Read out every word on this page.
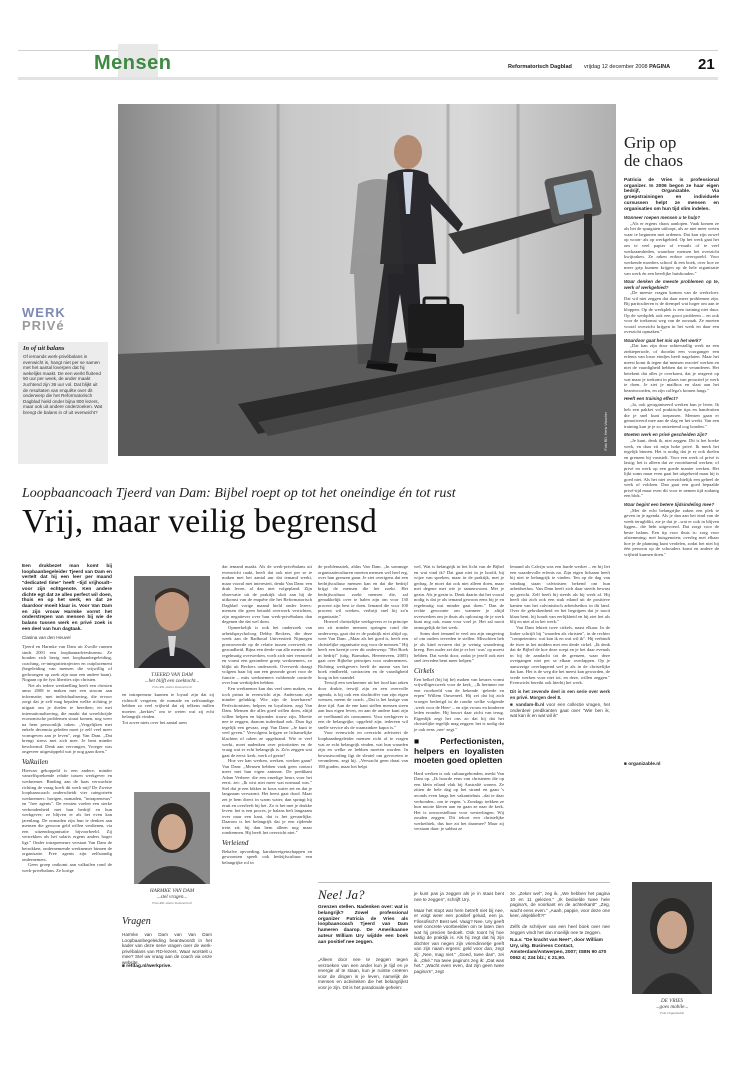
Mensen	Reformatorisch Dagblad vrijdag 12 december 2008 PAGINA 21
Foto RD, Henk Visscher
WERK
PRIVé
In of uit balans
Of iemands werk-privébalans in evenwicht is, hangt niet per se samen met het aantal loverpen dat hij wekelijks maakt. De een werkt fluitend 50 uur per week, de ander maakt zuchtend zijn 36 uur vol. Dat blijkt uit de resultaten van enquête over dit onderwerp die het Reformatorisch Dagblad hield onder bijna 800 lezers, maar ook uit andere onderzoeken. Wat brengt de balans in of uit evenwicht?
Loopbaancoach Tjeerd van Dam: Bijbel roept op tot het oneindige én tot rust
Vrij, maar veilig begrensd
Grip op de chaos
Patricia de Vries is professional organizer. In 2006 begon ze haar eigen bedrijf, Organizable. Via groepstrainingen en individuele cursussen helpt ze mensen en organisaties om hun tijd slim indelen.
Wanneer roepen mensen u te hulp?

„Als er ergens chaos aanlopen. Vaak komen ze als het de spuigaten uitloopt, als ze niet meer weten waar te beginnen met ordenen. Dat kan zijn zowel op woon- als op werkgebied. Op het werk gaat het om te veel papier of e-mails of te veel werkzaamheden, waardoor mensen het overzicht kwijtraken. Ze raken erdoor overspoeld. Voor werkende moeders schoof ik een boek, over hoe ze meer grip kunnen krijgen op de hele organisatie van werk én een heerlijke huishouden."

Waar denken de meeste problemen op te, werk of werkgebied?

„De meeste vragen komen van de werkvloer. Dat wil niet zeggen dat daar meer problemen zijn. Bij particulieren is de drempel wat hoger om aan te kloppen. Op de werkplek is een training niet duur. Op de werkplek ook een groot probleem – en ook voor de toekomst weg van de oorzaak. Ze moeten vooral overzicht krijgen in het werk en daar een overzicht opmaken."

Waardoor gaat het mis op het werk?

„Dat kan zijn door achterstallig werk na een ziekteperiode, of doordat een voorganger een erfenis van losse eindjes heeft nagelaten. Maar het meest komt ik tegen dat mensen reactief werken en niet de vaardigheid hebben dat te veranderen. Het betekent dat alles je overkomt, dat je reageert op wat maar je toekomt in plaats van proactief je werk te doen. Je ziet je mailbox en slaat aan het beantwoorden, en zijn collega's komen langs."

Heeft een training effect?

„Ja, ook georganiseerd werken kun je leren. Ik heb een pakket vol praktische tips en handvatten die je snel kunt toepassen. Mensen gaan er gemotiveerd mee aan de slag en het werkt. Van een training kun je je zo ontzettend oog houden."

Moeten werk en privé gescheiden zijn?

„Je kunt, denk ik, niet zeggen. Dit is het hoeke werk, en daar zit mijn hoke privé. Ik merk het tegelijk binnen. Het is nodig dat je er ook doelen en grenzen bij vaststelt. Voor een werk of privé is lastig; het is alleen dat ze voortdurend werken; of privé en werk op een goede manier werken. Het lijkt soms maar even gaat het uitgebreid maar hij is goed niet. Als het niet overzichtelijk een geheel de werk of voldoen. Dan gaat een goed bepaalde privé-tijd maar even dit voor te nemen tijd zodanig een blok."

Waar begint een betere tijdsindeling mee?

„Met de echt belangrijke zaken een plek te geven in je agenda. Als je dan aan het eind van de week terugblikt, zie je dat je –wat er ook in blijven liggen– die hebt uitgevoerd. Dat zorgt voor de beste balans. Een tip voor thuis is: zorg voor afstemming; met huisgenoten; overleg met elkaar hoe je de planning kunt verdelen, zodat het niet bij één persoon op de schouders komt en andere de vrijheid kunnen doen."

■ organizable.nl
DE VRIES
...goes mobile...
Foto Organizable
Een drukbezet man komt bij loopbaanbegeleider Tjeerd van Dam en vertelt dat hij een leer per maand "dedicated time" heeft –tijd vrijhoudt– voor zijn echtgenote. Ken andere dichte egt dat ze alles perfect wil doen, thuis en op het werk, en dat ze daardoor moeit klaar is. Voor Van Dam en zijn vrouw Harmke vormt het onderstrepen van mensen bij wie de balans tussen werk en privé zoek is een deel van hun dagtaak.
Clasina van den Heuvel

Tjeerd en Harmke van Dam uit Zwolle runnen sinds 2001 een loopbaanadviesbureau. Ze houden zich bezig met loopbaanbegeleiding, coaching, re-integratietrajecten en outplacement (begeleiding van mensen die vrijwillig of gedwongen op zoek zijn naar een andere baan). Nogaan op de fysi liberties zijn christen.

Net als iedere werknelling heeft een christen anno 2008 te maken met een stroom aan informatie; met individualisering, die ervoor zorgt dat je zelf mag bepalen welke richting je uitgaat om je doelen te bereiken; en met internationalisering, die maakt dat wereldwijde economische problemen straat komen, nog weer na hem persoonlijk raken. „Vergelijken met enkele decennia geleden moet je zelf veel meer vormgeven aan je leven", zegt Van Dam. „Dat brengt stress met zich mee. Je bent minder beschermd. Denk aan vervangen. Vroeger was ongeveer uitgestippeld wat je nog gaan doen."

Valkuilen

Hiervan gekoppeld is een andere, minder vanzelfsprekende relatie tussen werkgever en werknemer. Binding aan de baas verwachtte richting de vraag hoeft dit werk mij? De Zweise loopbaancoach onderscheidt vier categorieën werknemers: horigen, nomaden, "intrapreneurs" en "free agents". De eersten voelen een sterke verbondenheid met hun bedrijf en hun werkgever; ze blijven er als het even kan jarenlang. De nomaden zijn hun ie denken aan mensen die gewoon geld willen verdienen, via een uitzendorganisatie bijvoorbeeld. Zij vertrekken als het salaris ergens anders hoger ligt." Onder intrapreneurs verstaat Van Dam de betrokken, ondernemende werknemer binnen de organisatie. Free agents zijn zelfstandig ondernemers.

Geen groep ontkomt aan valkuilen rond de werk-privébalans. Ze horige

TJEERD VAN DAM
...het blijft een zoektocht...
Foto RD, Anton Dommerholt
en intrapreneur kunnen te loyaal zijn dat zij richtsoff vergeten; de nomade en zelfstandige hebben zo veel vrijheid dat zij telkens nullen moeten „kerkies" om te weten wat zij echt belangrijk vinden.
Tot zover niets over het aantal uren
HARMKE VAN DAM
...stel vragen...
Foto RD, Anton Dommerholt
Vragen
Harmke van Dam van Van Dam Loopbaanbegeleiding beantwoordt in het kader van deze serie vragen over de werk-privébalans van RD-lezers. Waar worstelt u mee? Stel uw vraag aan de coach via onze website.
■ refdag.nl/werkprive.

dat iemand maakt. Als de werk-privébalans uit evenwicht raakt, heeft dat ook niet per se te maken met het aantal uur dat iemand werkt, maar vooral met interesteit, denkt Van Dam: een druk leven, al dan niet volgepland. Zijn observatie uit de praktijk sluit aan bij de uitkomst van de enquête die het Reformatorisch Dagblad vorige maand hield onder lezers: mensen die geen betaald overwerk verrichten, zijn negatiever over hun werk-privébalans dan degenen die dat wel doen.

Opmerkelijk is ook het onderzoek van arbeidspsycholoog Debby Beckers, die deze week aan de Radboud Universiteit Nijmegen promoveerde op de relatie tussen overwerk en gezondheid. Bijna een derde van alle mensen die regelmatig overwerken, voelt zich niet vermoeid en vormt een gezondere groep werknemers, zo blijkt uit Beckers onderzoek. Overwerk draagt volgens haar bij aan een gezonde groei voor de functie – mits werknemers voldoende controle over hun werktijden hebben.

Een werknemer kan dus veel uren maken, en toch prima in evenwicht zijn. Andersom zijn minder gelukkig. Wie zijn de loserbaren? Perfectionisten, helpers en loyalisten, zegt Van Dam. Mensen die alles goed willen doen, altijd willen helpen en bijzonder trouw zijn. Moeite nee te zeggen, daarom inderdaad ook. Daar ligt tegelijk een gevaar, zegt Van Dam: „Je kunt te veel geven." Vervolgens krijgen ze lichamelijke klachten of raken ze opgebrand. Wie te veel werkt, moet nadenken over prioriteiten en de vraag wat er echt belangrijk is. Zo'n zeggen wat gaat de eerst: kerk, werk of gezin?

Hoe ver kan werken, werken, werken gaan? Van Dam: „Mensen hebben vaak geen contact meer met hun eigen antenne. De predikant Adam Verbree: die een enzelige beurs voor het eerst. zei: „Ik wist niet meer wat normaal was." Stel dat je een kikker in kous water zet en dat je langzaam verwarmt. Het beest gaat dood. Maar zet je hem direct in warm water, dan springt hij eruit en overleeft hij het. Zo is het met je drukke leven: het is een proces, je balans heft langzaam over naar een kant, dat is het gevaarlijke. Daarom is het belangrijk dat je een rijdende trein zit; hij dan hem alleen nog maar rondrennen. Hij heeft het overzicht niet."

Verleiend

Behalve opvoeding, karaktereigenschappen en gewoonten speelt ook bedrijfscultuur een belangrijke rol in

de problematiek, aldus Van Dam. „In sommige organisatieculturen moeten mensen wel heel erg, over hun grenzen gaan. Je ziet overigens dat een bedrijfscultuur mensen kan en dat die bedrijf krijgt de mensen die het zoekt. Het bedrijfscultuur zoekt mensen die, zal gemakkelijk over te halen zijn om voor 130 procent zijn best te doen. Iemand die voor 100 procent wil werken, verbrijt snel bij zo'n organisatie."

Hoewel christelijke werkgevers er in principe om zit minder mensen springen rond die onderwerp, gaat dat er de praktijk niet altijd op, weet Van Dam. „Maar als het goed is, heeft een christelijke organisatie oog voor de mensen." Hij heeft een keertje over dit onderwerp: "Het Boek in bedrijf" (uitg. Barnabas, Heerenveen, 2005) gaat over Bijbelse principes voor ondernemers. Richting werkgevers heeft de auteur van het boek eindbeeld, contracten en de vaardigheid hoog in het vaandel.

Terwijl een werknemer uit het lood kan raken door drukte, terwijl zijn en een overvolle agenda, is hij ook een slachtoffer van zijn eigen wensen, meent de coach. „Dat is het lastige van deze tijd. Aan de ene kant stellen mensen steen aan hun eigen leven, en aan de andere kant zijn ze voelbaand als consument. Voor werkgever is een de belangrijke, opgeleid zijn; iedereen wil snelle service als de waanzinkee kapot is."

Voor evenwicht en overzicht adviseert de loopbaanbegeleider mensen richt af te vragen wat ze echt belangrijk vinden, wat hun waarden zijn en welke ze hebben moeten worden. In bewustwording ligt de sleutel om gevoceten te veranderen, zegt hij. „Verwacht geen draai van 180 graden, maar het helpt

wel. Wat is belangrijk in het licht van de Bijbel en wat vind ik? Dat gaat niet in je hoofd, bij wijze van spreken, maar in de praktijk, met je gedrag. Je moet dat ook niet alleen doen, maar met degene met wie je samenwoont. Met je gezin. Als je gezin is. Denk daarin dat het vooral nodig is dat je als iemand gewoon eens bij je en regelmatig wat minder gaat doen." Dan de rechte gewoonte om wanneer je altijd overwerken om je thuis als oplossing de je werk kunt nog ook, maar voor voel je. Het zal nooit onmogelijk de het werk.

Soms doet iemand te veel om zijn omgeving of om ouders tevreden te stellen. Misschien heb je als kind ervaren dat je weinig waardering kreeg. Een ouder zei dat je er het ‘was’ op moest hebben. Dat werkt door, zodat je jezelf ook niet snel tevreden bent meer helpen."

Cirkels

Een belkel (bij hij be) maken van keuzes vormt vrijwilligerswerk voor de kerk_ „Ik herinner me een voorbeeld van de bekende ‘gelerde en erpen’ Willem Ouweneel. Hij zei dat hij zich vroeger bedreigd in de rondte welke volgende ‚werk voor de Heer‘ – en zijn vrouw en kinderen leden eronder. Hij bouwt daar zicht van terug. Eigenlijk zegt het ons zo dat hij dat het christelijke tegelijk mag zeggen: het is nodig dat je ook eens ‚nee‘ zegt."

■ Perfectionisten, helpers en loyalisten moeten goed opletten

Hard werken is ook cultuurgebonden, merkt Van Dam op. „Ik hoorde eens van christenen die op een klein eiland vlak bij Australië wonen. Ze zitten de hele dag op het strand en gaan 's avonds even langs het vakantiehuis –dat te daar verbonden– om te vegen. 's Zondags trekken ze hun mooie kleren aan en gaan ze naar de kerk. Het is onvoorstelbaar voor westerlingen. Wij zouden zeggen: Dit tekort een christelijke werkethiek, dus hoe zit het daarmee? Maar zij verstaan daar: je sabbat ze

lemand als Calvijn was een harde werker – en hij liet een waardevolle erfenis na. Zijn eigen lichaam heeft hij niet te belangrijk te vinden. Ten op de dag van vandaag staan calvinisten bekend om hun arbeidsethos. Van Dam heeft zich daar steeds bewust op gericht. Zelf heeft hij steeds als bij werk af. Hij heeft dat zich ook een stuk eiland uit de positieve kanten van het calvinistisch arbeidsethos in dit land. Over de gebrokenheid en het begrijpen dat je nooit klaar bent, hij houdt van eerlijkheid en hij ziet het als blij en niet al in het werk."

Van Dam lektert twee cirkels, naast elkaar. In de linker schrijft hij "waarden als christen", in de rechter "competenties: wat kan ik en wat wil ik". Hij verbindt de twee in het midden met een derde cirkel. „Ik denk dat de Bijbel de hoe deze roept en je het daar evenals in bij de aandacht tot de grenzen, waar deze overgangen niet per se elkaar overlappen. Op je aanwezige overlappend wel je als in de christelijke dat kan. Het is de weg die het meest kan geworden, de vrede werken voor niet tot, en deze, willen zeggen." Evenwicht bereikt ook hierbij het werk.

Dit is het zevende deel in een serie over werk en privé. Morgen deel 8.
■ vandam-lb.nl voor een collectie vragen, het onderdeel predikanten gaat over "Wie ben ik, wat kan ik en wat wil ik"
Nee! Ja?
Grenzen stellen. Nadenken over: wat is belangrijk? Zowel professional organizer Patricia de Vries als loopbaancoach Tjeerd van Dam hameren daarop. De Amerikaanse auteur William Ury wijdde een boek aan positief nee zeggen.
„Alleen door nee te zeggen tegen verzoeken van een ander kun je tijd en je energie af te staan, kun je ruimte creëren voor de dingen in je leven, namelijk de mensen en activiteiten die het belangrijkst voor je zijn. Dit is het paradoxale geheim:
je kunt pas ja zeggen als je in staat bent nee te zeggen", schrijft Ury.

Maar het stopt wat hem betreft niet bij nee, er volgt weer een positief geluid, een ja. Filosofisch? Best wel. Vaag? Nee. Ury geeft veel concrete voorbeelden om te laten zien wat hij precies bedoelt. Ook toont hij hoe lastig de praktijk is. Als hij zegt dat hij zijn dochter van negen zijn vriendinnetje geeft van zijn naam ergens: geld voor dan, zegt zij: „Nee, mag niet." „Goed, twee dan", zei ik. „Oké." Na twee pagina's zeg ik: „Dat was het." „Wacht even even, dat zijn geen twee pagina's", zegt
ze. „Zeker wel", zeg ik. „We hebben het pagina 10 en 11 gelezen." „Ik bedoelde twee hele pagina's, de voorkant en de achterkant!" „Zeg, wacht eens even." „Aaah, pappie, voor deze one keer, alsjeblieft?!"

Zelfs de schrijver van een heel boek over nee zeggen vindt het dan moeilijk nee te zeggen.
N.a.v. "De kracht van Nee!", door William Ury, uitg. Business Contact, Amsterdam/Antwerpen, 2007; ISBN 90 470 0062 4; 234 blz.; € 21,90.
